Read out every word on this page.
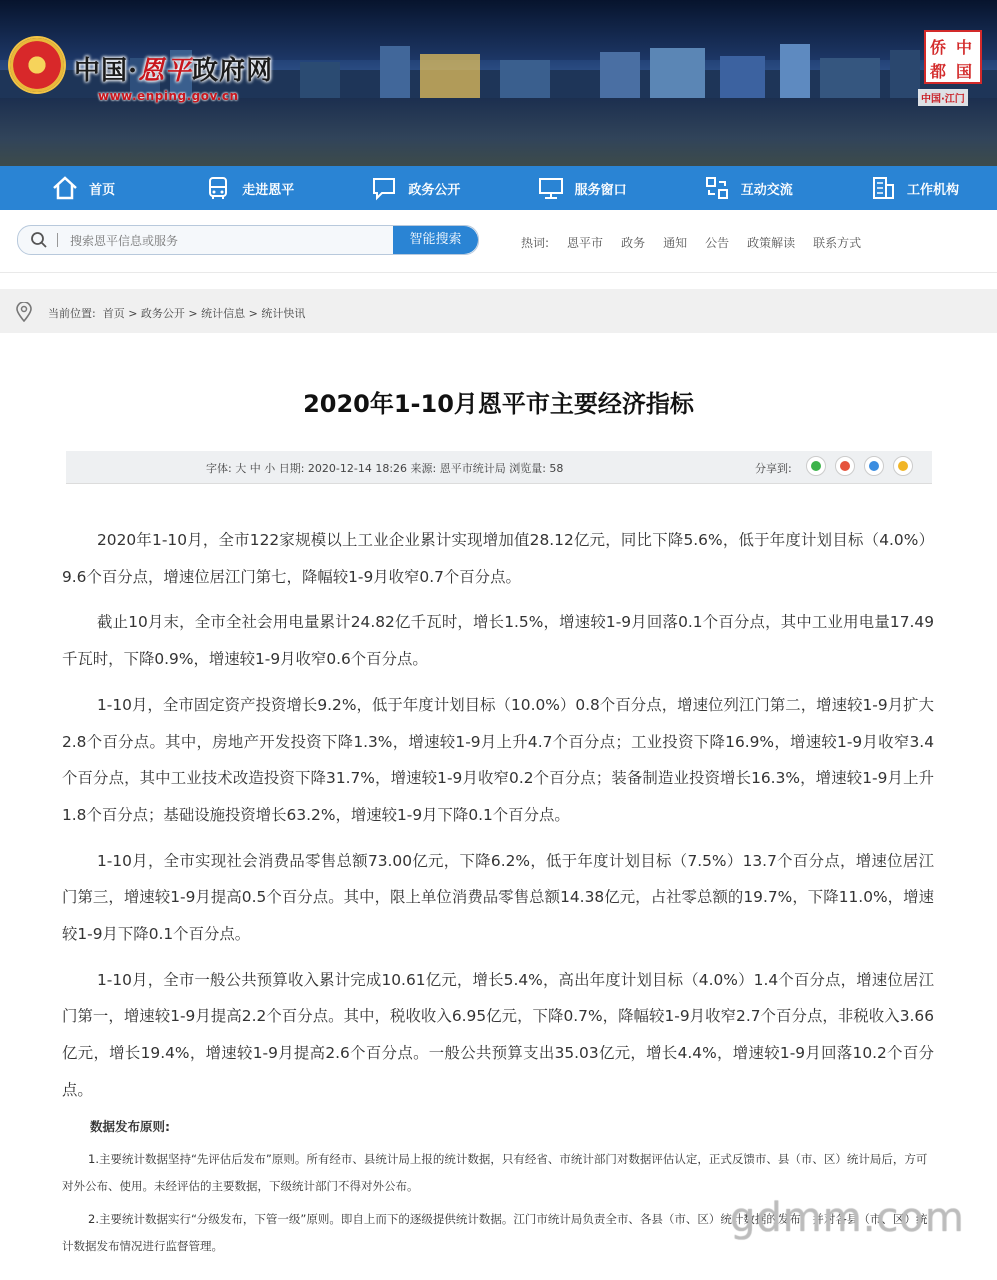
中国·恩平政府网
www.enping.gov.cn
侨 中
都 国
中国·江门
首页	走进恩平	政务公开	服务窗口	互动交流	工作机构
搜索恩平信息或服务
智能搜索	热词: 恩平市 政务 通知 公告 政策解读 联系方式
当前位置: 首页 > 政务公开 > 统计信息 > 统计快讯
2020年1-10月恩平市主要经济指标
字体: 大 中 小 日期: 2020-12-14 18:26 来源: 恩平市统计局 浏览量: 58	分享到:

2020年1-10月，全市122家规模以上工业企业累计实现增加值28.12亿元，同比下降5.6%，低于年度计划目标（4.0%）9.6个百分点，增速位居江门第七，降幅较1-9月收窄0.7个百分点。

截止10月末，全市全社会用电量累计24.82亿千瓦时，增长1.5%，增速较1-9月回落0.1个百分点，其中工业用电量17.49千瓦时，下降0.9%，增速较1-9月收窄0.6个百分点。

1-10月，全市固定资产投资增长9.2%，低于年度计划目标（10.0%）0.8个百分点，增速位列江门第二，增速较1-9月扩大2.8个百分点。其中，房地产开发投资下降1.3%，增速较1-9月上升4.7个百分点；工业投资下降16.9%，增速较1-9月收窄3.4个百分点，其中工业技术改造投资下降31.7%，增速较1-9月收窄0.2个百分点；装备制造业投资增长16.3%，增速较1-9月上升1.8个百分点；基础设施投资增长63.2%，增速较1-9月下降0.1个百分点。

1-10月，全市实现社会消费品零售总额73.00亿元，下降6.2%，低于年度计划目标（7.5%）13.7个百分点，增速位居江门第三，增速较1-9月提高0.5个百分点。其中，限上单位消费品零售总额14.38亿元，占社零总额的19.7%，下降11.0%，增速较1-9月下降0.1个百分点。

1-10月，全市一般公共预算收入累计完成10.61亿元，增长5.4%，高出年度计划目标（4.0%）1.4个百分点，增速位居江门第一，增速较1-9月提高2.2个百分点。其中，税收收入6.95亿元，下降0.7%，降幅较1-9月收窄2.7个百分点，非税收入3.66亿元，增长19.4%，增速较1-9月提高2.6个百分点。一般公共预算支出35.03亿元，增长4.4%，增速较1-9月回落10.2个百分点。

数据发布原则:

1.主要统计数据坚持“先评估后发布”原则。所有经市、县统计局上报的统计数据，只有经省、市统计部门对数据评估认定，正式反馈市、县（市、区）统计局后，方可对外公布、使用。未经评估的主要数据，下级统计部门不得对外公布。

2.主要统计数据实行“分级发布，下管一级”原则。即自上而下的逐级提供统计数据。江门市统计局负责全市、各县（市、区）统计数据的发布，并对各县（市、区）统计数据发布情况进行监督管理。

gdmm.com
